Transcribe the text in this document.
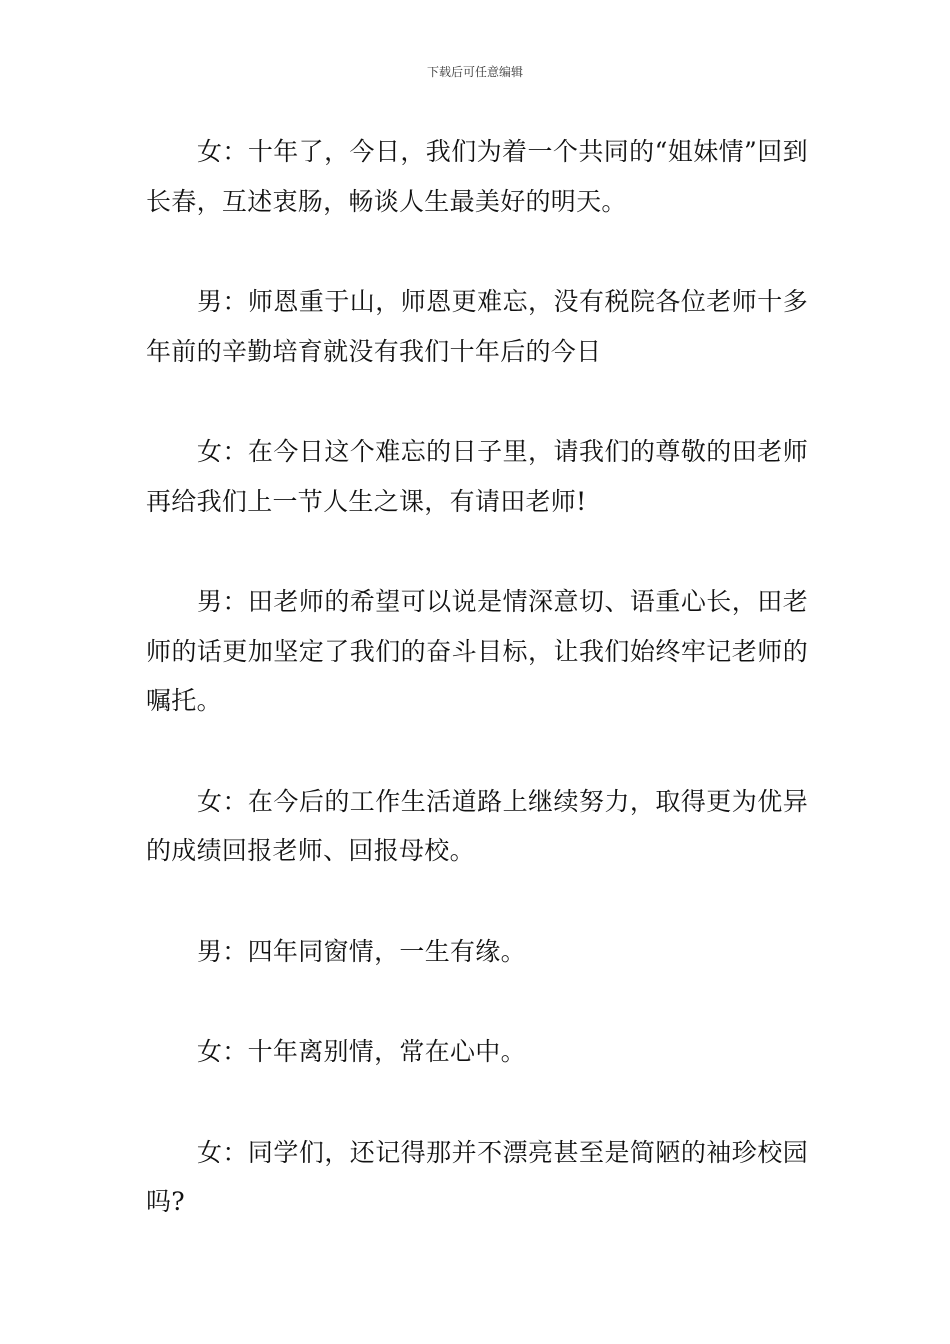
下载后可任意编辑

女：十年了，今日，我们为着一个共同的“姐妹情”回到长春，互述衷肠，畅谈人生最美好的明天。

男：师恩重于山，师恩更难忘，没有税院各位老师十多年前的辛勤培育就没有我们十年后的今日

女：在今日这个难忘的日子里，请我们的尊敬的田老师再给我们上一节人生之课，有请田老师!

男：田老师的希望可以说是情深意切、语重心长，田老师的话更加坚定了我们的奋斗目标，让我们始终牢记老师的嘱托。

女：在今后的工作生活道路上继续努力，取得更为优异的成绩回报老师、回报母校。

男：四年同窗情，一生有缘。

女：十年离别情，常在心中。

女：同学们，还记得那并不漂亮甚至是简陋的袖珍校园吗?
